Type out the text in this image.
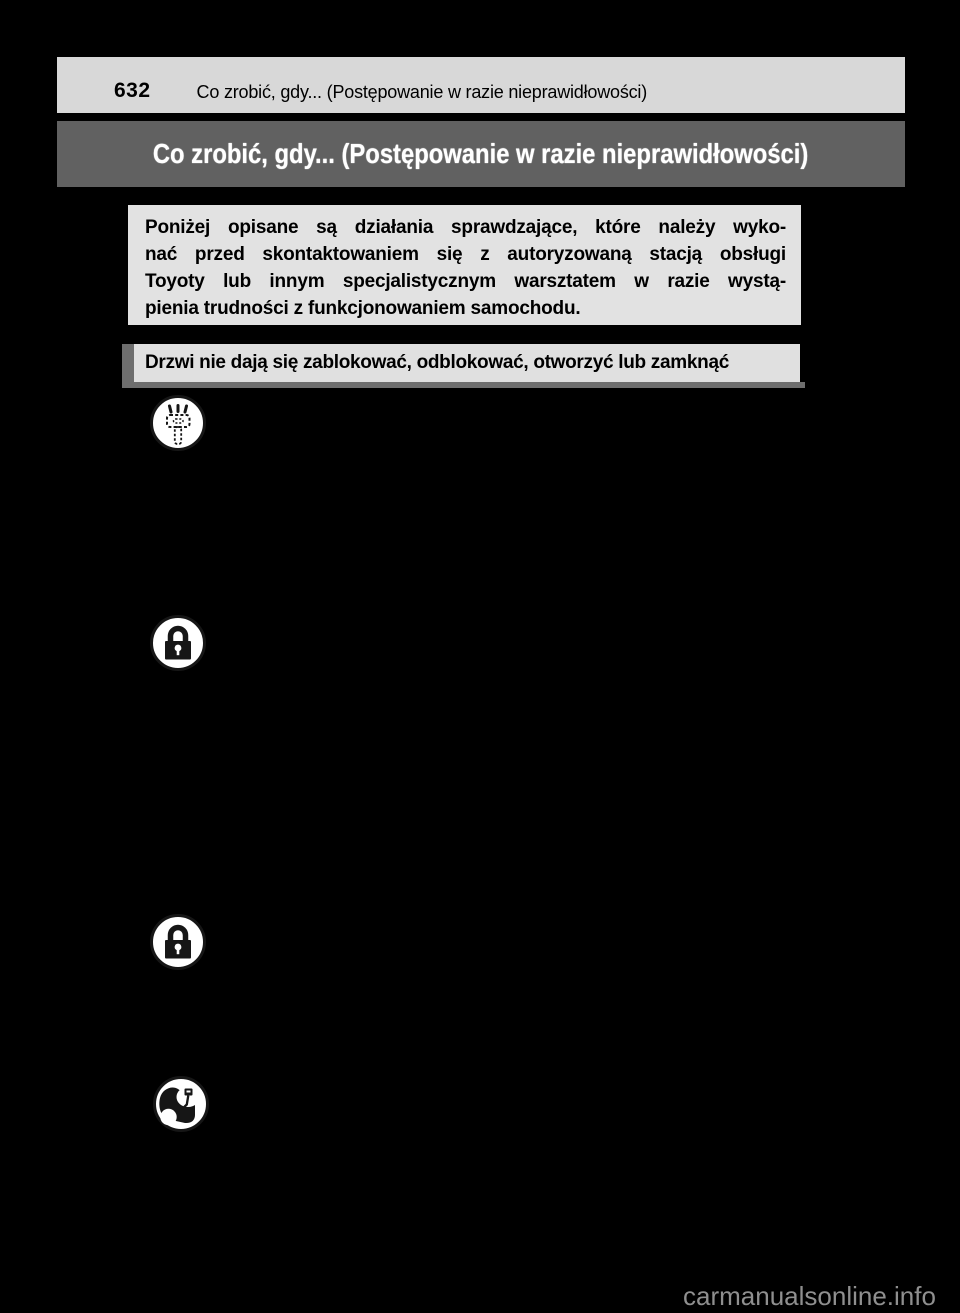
632	Co zrobić, gdy... (Postępowanie w razie nieprawidłowości)
Co zrobić, gdy... (Postępowanie w razie nieprawidłowości)
Poniżej opisane są działania sprawdzające, które należy wyko-
nać przed skontaktowaniem się z autoryzowaną stacją obsługi
Toyoty lub innym specjalistycznym warsztatem w razie wystą-
pienia trudności z funkcjonowaniem samochodu.
Drzwi nie dają się zablokować, odblokować, otworzyć lub zamknąć
carmanualsonline.info
